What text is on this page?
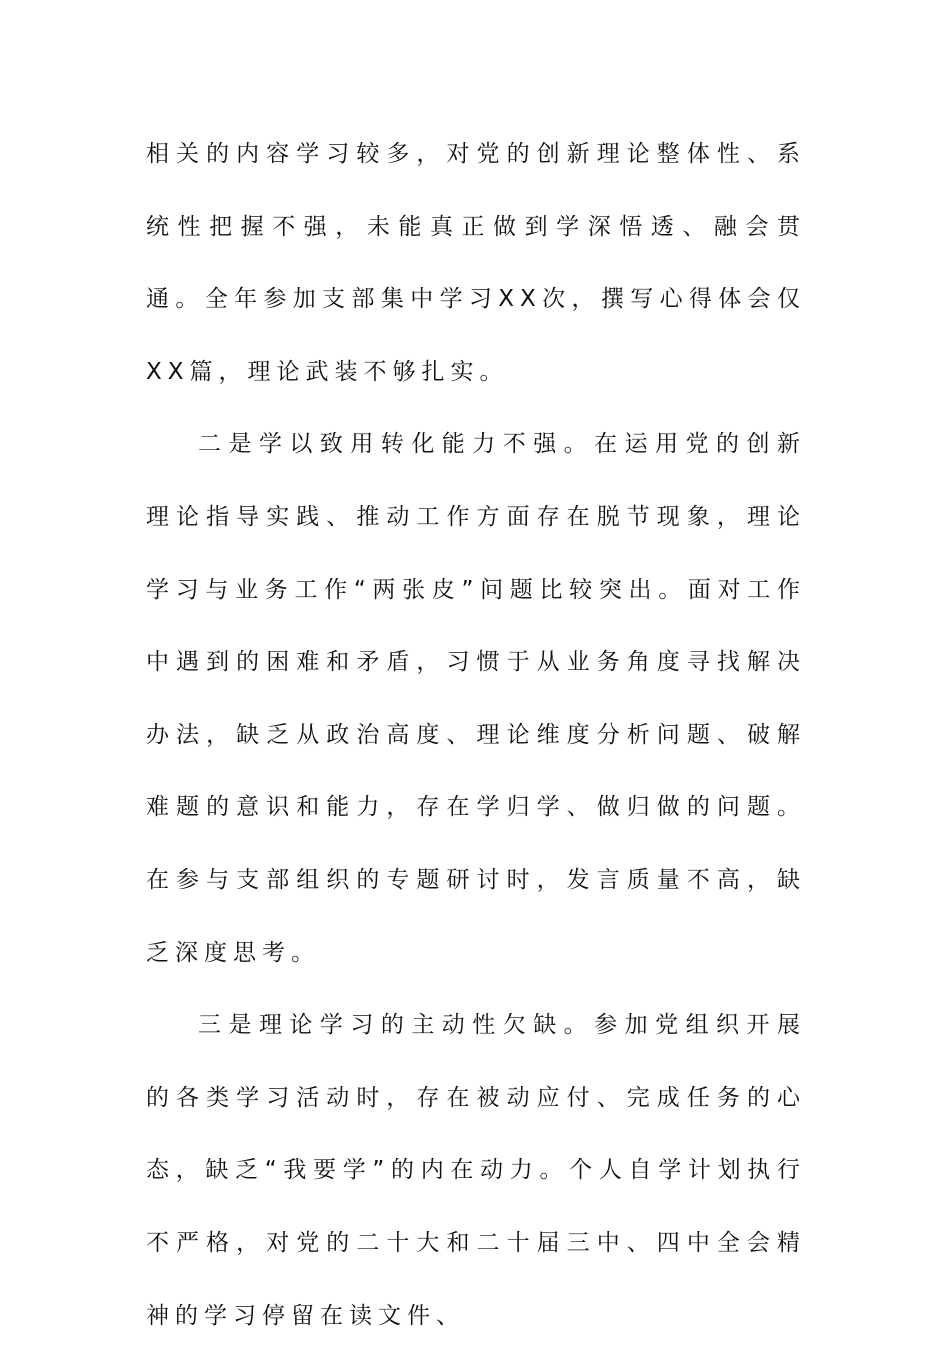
相关的内容学习较多，对党的创新理论整体性、系统性把握不强，未能真正做到学深悟透、融会贯通。全年参加支部集中学习XX次，撰写心得体会仅XX篇，理论武装不够扎实。

二是学以致用转化能力不强。在运用党的创新理论指导实践、推动工作方面存在脱节现象，理论学习与业务工作“两张皮”问题比较突出。面对工作中遇到的困难和矛盾，习惯于从业务角度寻找解决办法，缺乏从政治高度、理论维度分析问题、破解难题的意识和能力，存在学归学、做归做的问题。在参与支部组织的专题研讨时，发言质量不高，缺乏深度思考。

三是理论学习的主动性欠缺。参加党组织开展的各类学习活动时，存在被动应付、完成任务的心态，缺乏“我要学”的内在动力。个人自学计划执行不严格，对党的二十大和二十届三中、四中全会精神的学习停留在读文件、
